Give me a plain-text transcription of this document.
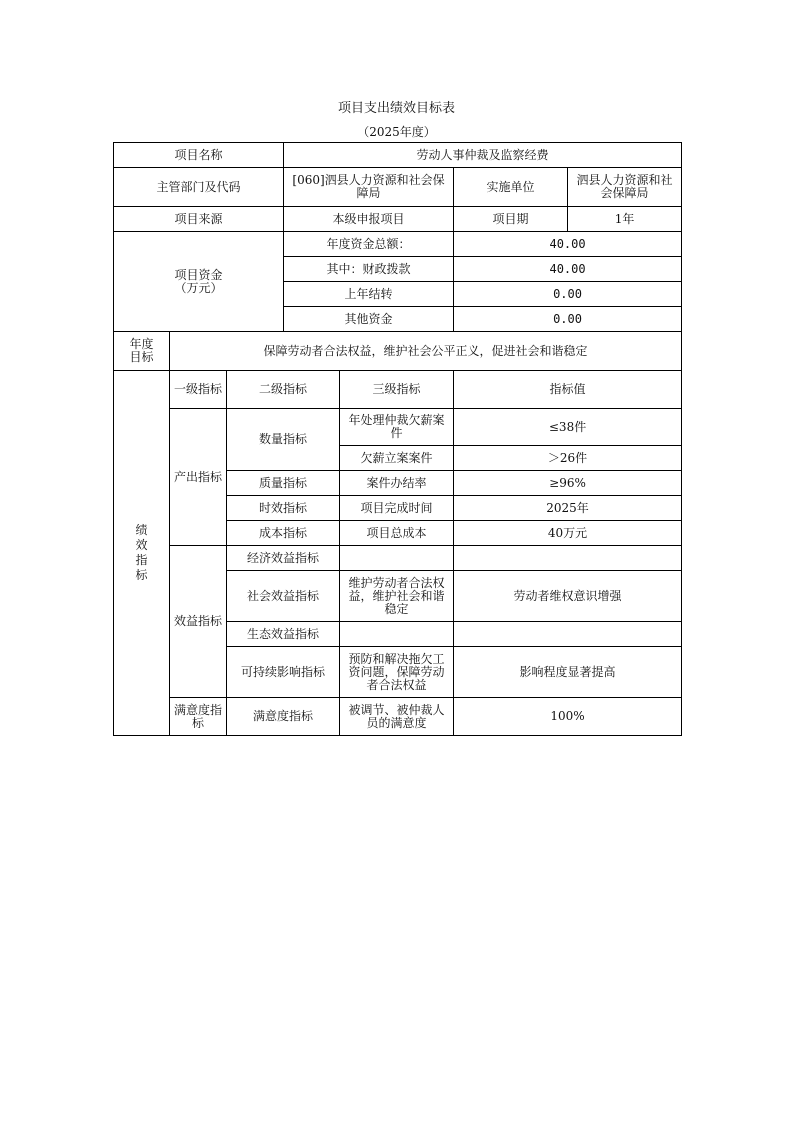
项目支出绩效目标表
（2025年度）
项目名称			劳动人事仲裁及监察经费			
主管部门及代码			[060]泗县人力资源和社会保障局		实施单位	泗县人力资源和社会保障局
项目来源			本级申报项目		项目期	1年

项目资金
（万元）			年度资金总额：		40.00	
			其中：财政拨款		40.00	
			上年结转		0.00	
			其他资金		0.00	

年度
目标	保障劳动者合法权益，维护社会公平正义，促进社会和谐稳定					
绩效指标	一级指标	二级指标		三级指标	指标值	
	产出指标	数量指标		年处理仲裁欠薪案件	≤38件	
				欠薪立案案件	＞26件	
		质量指标		案件办结率	≥96%	
		时效指标		项目完成时间	2025年	
		成本指标		项目总成本	40万元	
	效益指标	经济效益指标				
		社会效益指标		维护劳动者合法权益，维护社会和谐稳定	劳动者维权意识增强	
		生态效益指标				
		可持续影响指标		预防和解决拖欠工资问题，保障劳动者合法权益	影响程度显著提高	
	满意度指标	满意度指标		被调节、被仲裁人员的满意度	100%	
